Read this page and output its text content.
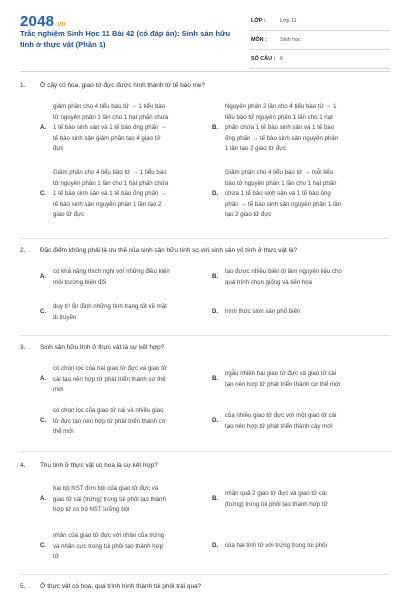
2048.vn
Trắc nghiệm Sinh Học 11 Bài 42 (có đáp án): Sinh sản hữu tính ở thực vật (Phần 1)
LỚP :	Lớp 11
MÔN :	Sinh học
SỐ CÂU : 6
1. Ở cây có hoa, giao tử đực được hình thành từ tế bào mẹ?
A.
giảm phân cho 4 tiểu bào tử → 1 tiểu bào
tử nguyên phân 1 lần cho 1 hạt phấn chứa
1 tế bào sinh sản và 1 tế bào ống phấn →
tế bào sinh sản giảm phân tạo 4 giao tử
đực
B.
Nguyên phân 2 lần cho 4 tiểu bào tử → 1
tiểu bào tử nguyên phân 1 lần cho 1 hạt
phấn chứa 1 tế bào sinh sản và 1 tế bào
ống phấn → tế bào sinh sản nguyên phân
1 lần tạo 2 giao tử đực
C.
Giảm phân cho 4 tiểu bào tử → 1 tiểu bào
tử nguyên phân 1 lần cho 1 hạt phấn chứa
1 tế bào sinh sản và 1 tế bào ống phấn →
tế bào sinh sản nguyên phân 1 lần tạo 2
giao tử đực
D.
Giảm phân cho 4 tiểu bào tử → mỗi tiểu
bào tử nguyên phân 1 lần cho 1 hạt phấn
chứa 1 tế bào sinh sản và 1 tế bào ống
phấn → tế bào sinh sản nguyên phân 1 lần
tạo 2 giao tử đực
2. Đặc điểm không phải là ưu thế của sinh sản hữu tính so với sinh sản vô tính ở thực vật là?
A.
có khả năng thích nghi với những điều kiện
môi trường biến đổi
B.
tạo được nhiều biến dị làm nguyên liệu cho
quá trình chọn giống và tiến hóa
C.
duy trì ổn định những tính trạng tốt về mặt
di truyền
D. hình thức sinh sản phổ biến
3. Sinh sản hữu tính ở thực vật là sự kết hợp?
A.
có chọn lọc của hai giao tử đực và giao tử
cái tạo nên hợp tử phát triển thành cơ thể
mới
B.
ngẫu nhiên hai giao tử đực và giao tử cái
tạo nên hợp tử phát triển thành cơ thể mới
C.
có chọn lọc của giao tử cái và nhiều giao
tử đực tạo nên hợp tử phát triển thành cơ
thể mới
D.
của nhiều giao tử đực với một giao tử cái
tạo nên hợp tử phát triển thành cây mới
4. Thụ tinh ở thực vật có hoa là sự kết hợp?
A.
hai bộ NST đơn bội của giao tử đực và
giao tử cái (trứng) trong túi phôi tạo thành
hợp tử có bộ NST lưỡng bội
B.
nhân quả 2 giao tử đực và giao tử cái
(trứng) trong túi phôi tạo thành hợp tử
C.
nhân của giao tử đực với nhân của trứng
và nhân cực trong túi phôi tạo thành hợp
tử
D. của hai tinh tử với trứng trong túi phôi
5. Ở thực vật có hoa, quá trình hình thành túi phôi trải qua?
